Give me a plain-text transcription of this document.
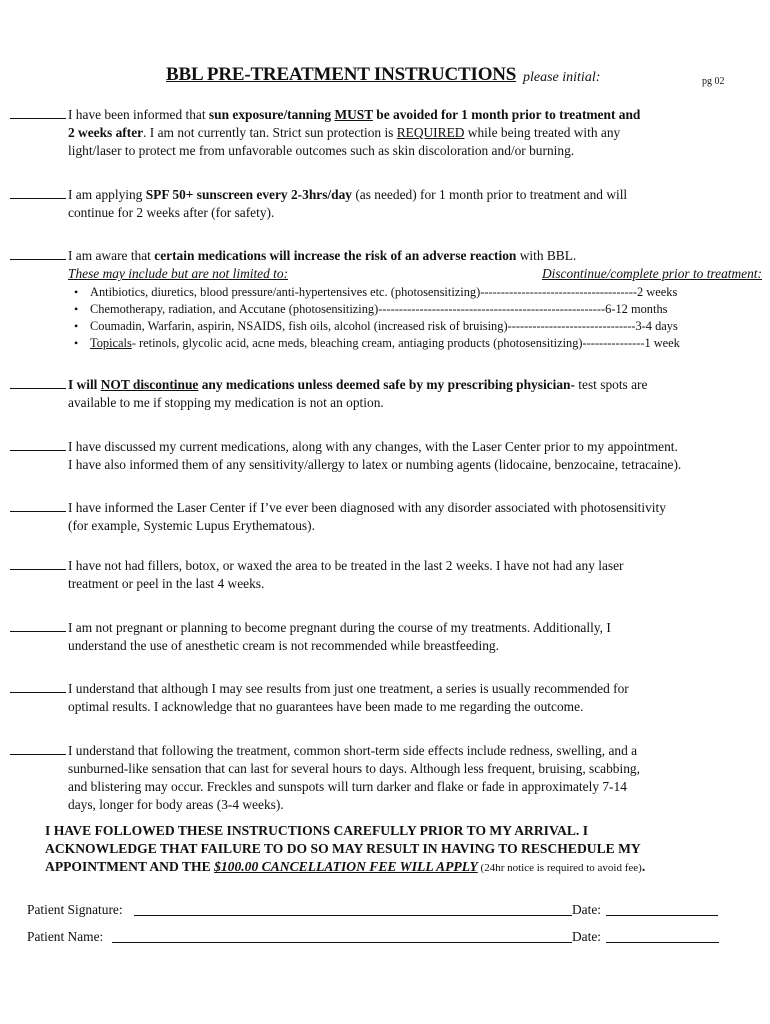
BBL PRE-TREATMENT INSTRUCTIONS please initial:	pg 02
I have been informed that sun exposure/tanning MUST be avoided for 1 month prior to treatment and
2 weeks after. I am not currently tan. Strict sun protection is REQUIRED while being treated with any
light/laser to protect me from unfavorable outcomes such as skin discoloration and/or burning.
I am applying SPF 50+ sunscreen every 2-3hrs/day (as needed) for 1 month prior to treatment and will
continue for 2 weeks after (for safety).
I am aware that certain medications will increase the risk of an adverse reaction with BBL.
These may include but are not limited to:	Discontinue/complete prior to treatment:
• Antibiotics, diuretics, blood pressure/anti-hypertensives etc. (photosensitizing)--------------------------------------2 weeks
• Chemotherapy, radiation, and Accutane (photosensitizing)-------------------------------------------------------6-12 months
• Coumadin, Warfarin, aspirin, NSAIDS, fish oils, alcohol (increased risk of bruising)-------------------------------3-4 days
• Topicals- retinols, glycolic acid, acne meds, bleaching cream, antiaging products (photosensitizing)---------------1 week
I will NOT discontinue any medications unless deemed safe by my prescribing physician- test spots are
available to me if stopping my medication is not an option.
I have discussed my current medications, along with any changes, with the Laser Center prior to my appointment.
I have also informed them of any sensitivity/allergy to latex or numbing agents (lidocaine, benzocaine, tetracaine).
I have informed the Laser Center if I’ve ever been diagnosed with any disorder associated with photosensitivity
(for example, Systemic Lupus Erythematous).
I have not had fillers, botox, or waxed the area to be treated in the last 2 weeks. I have not had any laser
treatment or peel in the last 4 weeks.
I am not pregnant or planning to become pregnant during the course of my treatments. Additionally, I
understand the use of anesthetic cream is not recommended while breastfeeding.
I understand that although I may see results from just one treatment, a series is usually recommended for
optimal results. I acknowledge that no guarantees have been made to me regarding the outcome.
I understand that following the treatment, common short-term side effects include redness, swelling, and a
sunburned-like sensation that can last for several hours to days. Although less frequent, bruising, scabbing,
and blistering may occur. Freckles and sunspots will turn darker and flake or fade in approximately 7-14
days, longer for body areas (3-4 weeks).
I HAVE FOLLOWED THESE INSTRUCTIONS CAREFULLY PRIOR TO MY ARRIVAL. I
ACKNOWLEDGE THAT FAILURE TO DO SO MAY RESULT IN HAVING TO RESCHEDULE MY
APPOINTMENT AND THE $100.00 CANCELLATION FEE WILL APPLY (24hr notice is required to avoid fee).
Patient Signature:	Date:
Patient Name:	Date:
